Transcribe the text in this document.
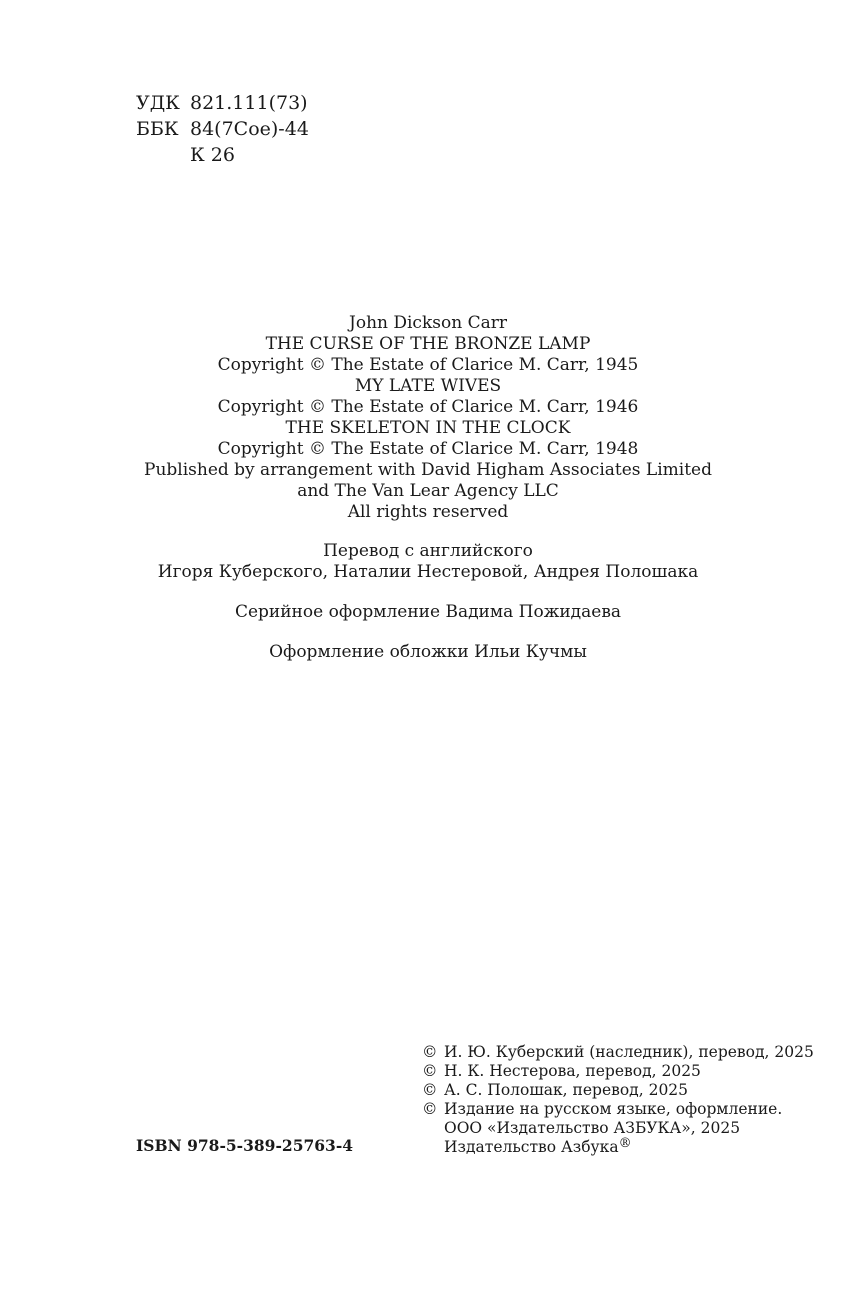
УДК 821.111(73)
ББК 84(7Сое)-44
К 26
John Dickson Carr
THE CURSE OF THE BRONZE LAMP
Copyright © The Estate of Clarice M. Carr, 1945
MY LATE WIVES
Copyright © The Estate of Clarice M. Carr, 1946
THE SKELETON IN THE CLOCK
Copyright © The Estate of Clarice M. Carr, 1948
Published by arrangement with David Higham Associates Limited
and The Van Lear Agency LLC
All rights reserved
Перевод с английского
Игоря Куберского, Наталии Нестеровой, Андрея Полошака
Серийное оформление Вадима Пожидаева
Оформление обложки Ильи Кучмы
© И. Ю. Куберский (наследник), перевод, 2025
© Н. К. Нестерова, перевод, 2025
© А. С. Полошак, перевод, 2025
© Издание на русском языке, оформление.
ООО «Издательство АЗБУКА», 2025
Издательство Азбука®
ISBN 978-5-389-25763-4
